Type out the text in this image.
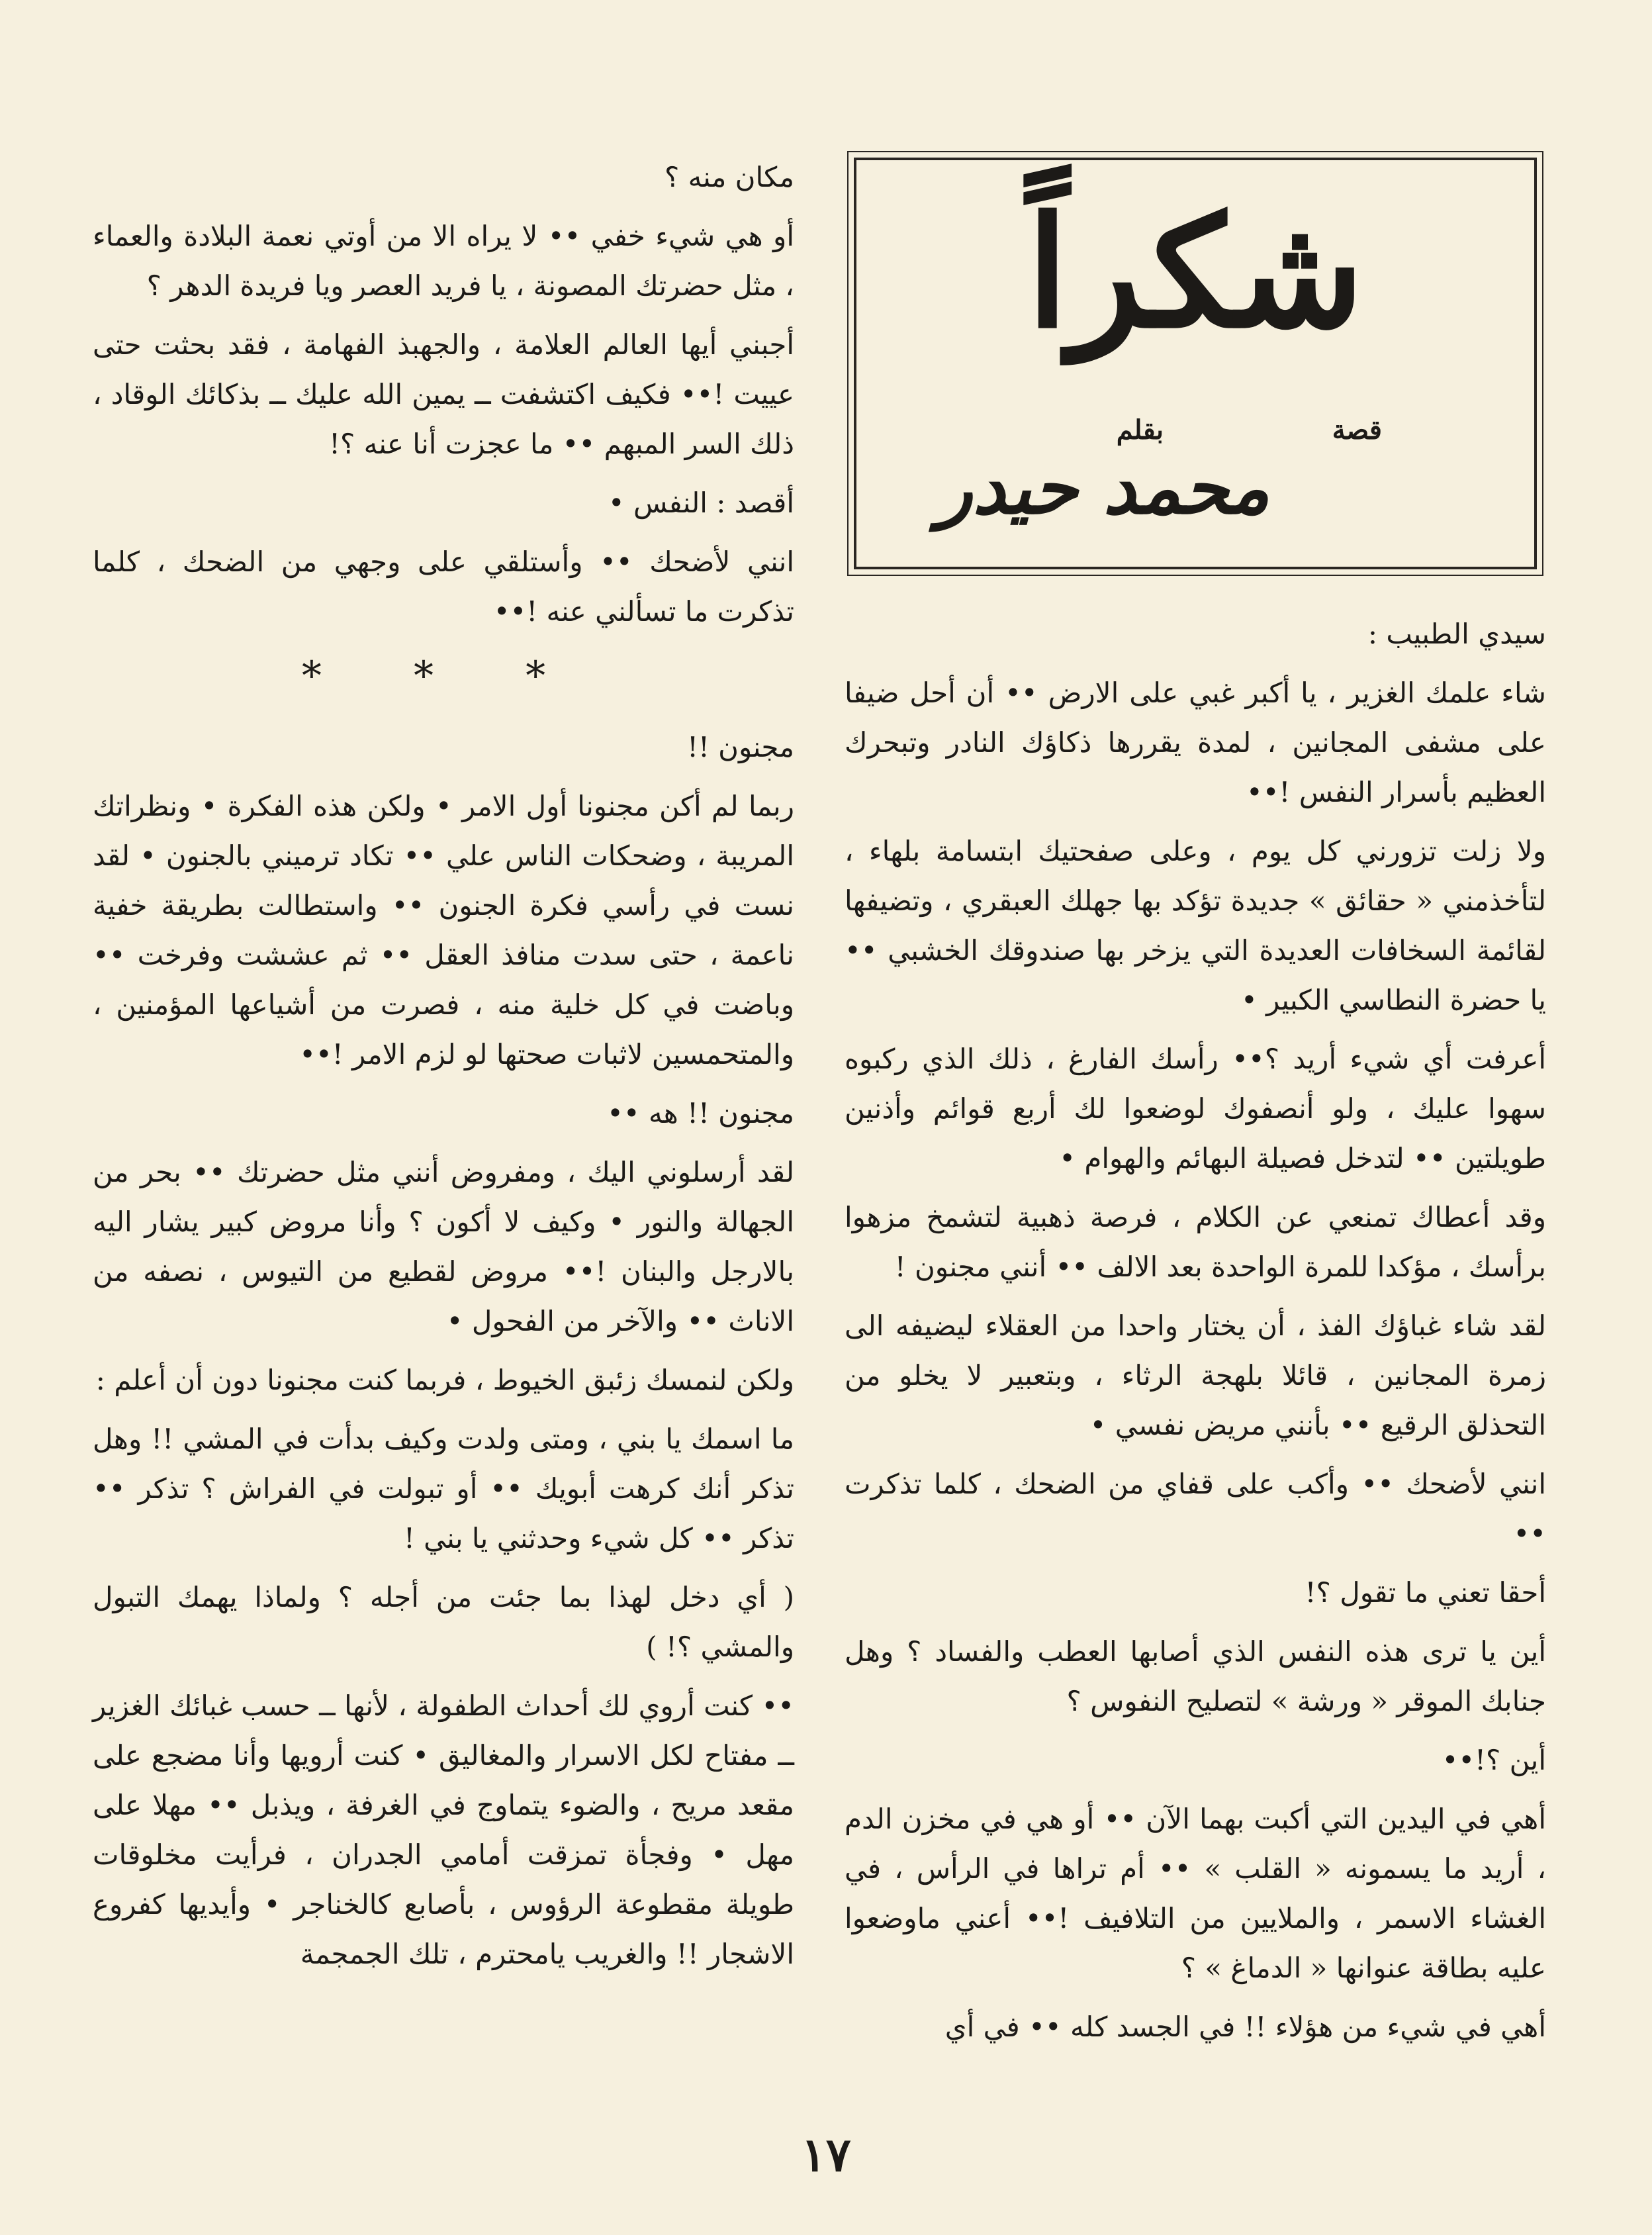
شكراً
قصة
بقلم
محمد حيدر

سيدي الطبيب :

شاء علمك الغزير ، يا أكبر غبي على الارض •• أن أحل ضيفا على مشفى المجانين ، لمدة يقررها ذكاؤك النادر وتبحرك العظيم بأسرار النفس !••

ولا زلت تزورني كل يوم ، وعلى صفحتيك ابتسامة بلهاء ، لتأخذمني « حقائق » جديدة تؤكد بها جهلك العبقري ، وتضيفها لقائمة السخافات العديدة التي يزخر بها صندوقك الخشبي •• يا حضرة النطاسي الكبير •

أعرفت أي شيء أريد ؟•• رأسك الفارغ ، ذلك الذي ركبوه سهوا عليك ، ولو أنصفوك لوضعوا لك أربع قوائم وأذنين طويلتين •• لتدخل فصيلة البهائم والهوام •

وقد أعطاك تمنعي عن الكلام ، فرصة ذهبية لتشمخ مزهوا برأسك ، مؤكدا للمرة الواحدة بعد الالف •• أنني مجنون !

لقد شاء غباؤك الفذ ، أن يختار واحدا من العقلاء ليضيفه الى زمرة المجانين ، قائلا بلهجة الرثاء ، وبتعبير لا يخلو من التحذلق الرقيع •• بأنني مريض نفسي •

انني لأضحك •• وأكب على قفاي من الضحك ، كلما تذكرت ••

أحقا تعني ما تقول ؟!

أين يا ترى هذه النفس الذي أصابها العطب والفساد ؟ وهل جنابك الموقر « ورشة » لتصليح النفوس ؟

أين ؟!••

أهي في اليدين التي أكبت بهما الآن •• أو هي في مخزن الدم ، أريد ما يسمونه « القلب » •• أم تراها في الرأس ، في الغشاء الاسمر ، والملايين من التلافيف !•• أعني ماوضعوا عليه بطاقة عنوانها « الدماغ » ؟

أهي في شيء من هؤلاء !! في الجسد كله •• في أي

مكان منه ؟

أو هي شيء خفي •• لا يراه الا من أوتي نعمة البلادة والعماء ، مثل حضرتك المصونة ، يا فريد العصر ويا فريدة الدهر ؟

أجبني أيها العالم العلامة ، والجهبذ الفهامة ، فقد بحثت حتى عييت !•• فكيف اكتشفت ــ يمين الله عليك ــ بذكائك الوقاد ، ذلك السر المبهم •• ما عجزت أنا عنه ؟!

أقصد : النفس •

انني لأضحك •• وأستلقي على وجهي من الضحك ، كلما تذكرت ما تسألني عنه !••

* * *

مجنون !!

ربما لم أكن مجنونا أول الامر • ولكن هذه الفكرة • ونظراتك المريبة ، وضحكات الناس علي •• تكاد ترميني بالجنون • لقد نست في رأسي فكرة الجنون •• واستطالت بطريقة خفية ناعمة ، حتى سدت منافذ العقل •• ثم عششت وفرخت •• وباضت في كل خلية منه ، فصرت من أشياعها المؤمنين ، والمتحمسين لاثبات صحتها لو لزم الامر !••

مجنون !! هه ••

لقد أرسلوني اليك ، ومفروض أنني مثل حضرتك •• بحر من الجهالة والنور • وكيف لا أكون ؟ وأنا مروض كبير يشار اليه بالارجل والبنان !•• مروض لقطيع من التيوس ، نصفه من الاناث •• والآخر من الفحول •

ولكن لنمسك زئبق الخيوط ، فربما كنت مجنونا دون أن أعلم :

ما اسمك يا بني ، ومتى ولدت وكيف بدأت في المشي !! وهل تذكر أنك كرهت أبويك •• أو تبولت في الفراش ؟ تذكر •• تذكر •• كل شيء وحدثني يا بني !

( أي دخل لهذا بما جئت من أجله ؟ ولماذا يهمك التبول والمشي ؟! )

•• كنت أروي لك أحداث الطفولة ، لأنها ــ حسب غبائك الغزير ــ مفتاح لكل الاسرار والمغاليق • كنت أرويها وأنا مضجع على مقعد مريح ، والضوء يتماوج في الغرفة ، ويذبل •• مهلا على مهل • وفجأة تمزقت أمامي الجدران ، فرأيت مخلوقات طويلة مقطوعة الرؤوس ، بأصابع كالخناجر • وأيديها كفروع الاشجار !! والغريب يامحترم ، تلك الجمجمة

١٧
